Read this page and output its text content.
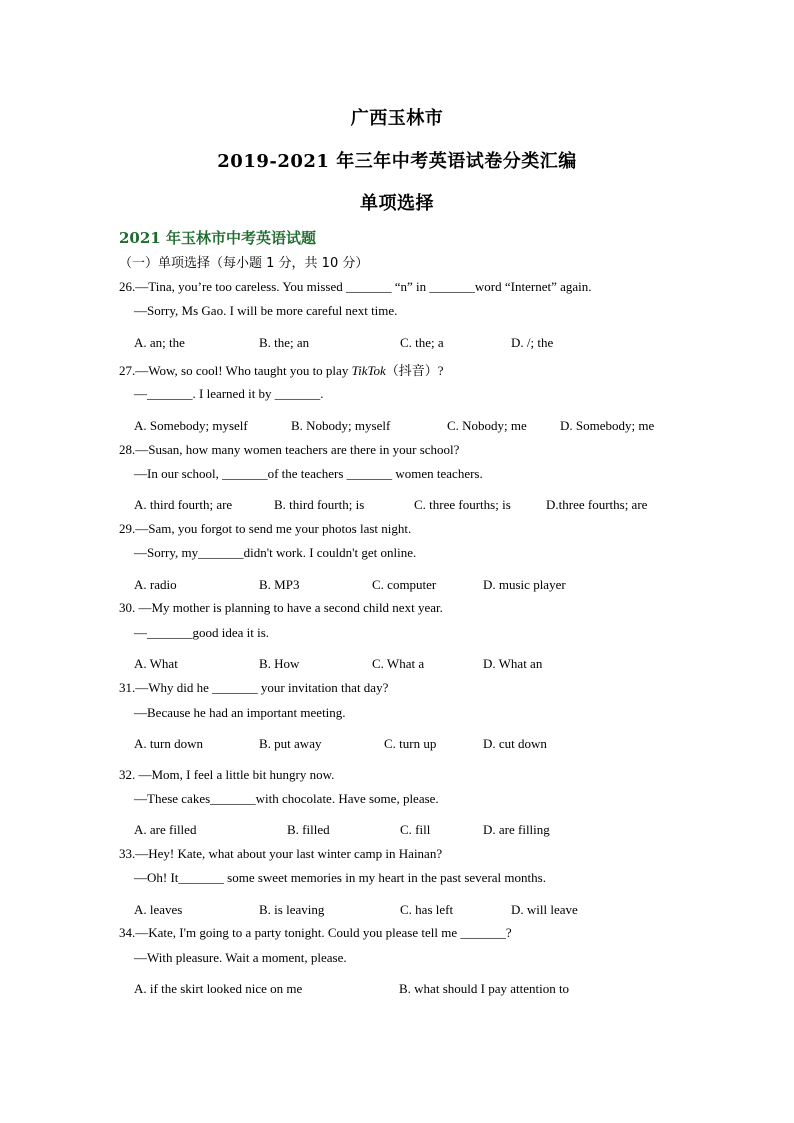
广西玉林市
2019-2021 年三年中考英语试卷分类汇编
单项选择
2021 年玉林市中考英语试题
（一）单项选择（每小题 1 分，共 10 分）
26.—Tina, you’re too careless. You missed _______ “n” in _______word “Internet” again.
—Sorry, Ms Gao. I will be more careful next time.
A. an; the	B. the; an	C. the; a	D. /; the
27.—Wow, so cool! Who taught you to play TikTok（抖音）?
—_______. I learned it by _______.
A. Somebody; myself	B. Nobody; myself	C. Nobody; me	D. Somebody; me
28.—Susan, how many women teachers are there in your school?
—In our school, _______of the teachers _______ women teachers.
A. third fourth; are	B. third fourth; is	C. three fourths; is	D.three fourths; are
29.—Sam, you forgot to send me your photos last night.
—Sorry, my_______didn't work. I couldn't get online.
A. radio	B. MP3	C. computer	D. music player
30. —My mother is planning to have a second child next year.
—_______good idea it is.
A. What	B. How	C. What a	D. What an
31.—Why did he _______ your invitation that day?
—Because he had an important meeting.
A. turn down	B. put away	C. turn up	D. cut down
32. —Mom, I feel a little bit hungry now.
—These cakes_______with chocolate. Have some, please.
A. are filled	B. filled	C. fill	D. are filling
33.—Hey! Kate, what about your last winter camp in Hainan?
—Oh! It_______ some sweet memories in my heart in the past several months.
A. leaves	B. is leaving	C. has left	D. will leave
34.—Kate, I'm going to a party tonight. Could you please tell me _______?
—With pleasure. Wait a moment, please.
A. if the skirt looked nice on me	B. what should I pay attention to
